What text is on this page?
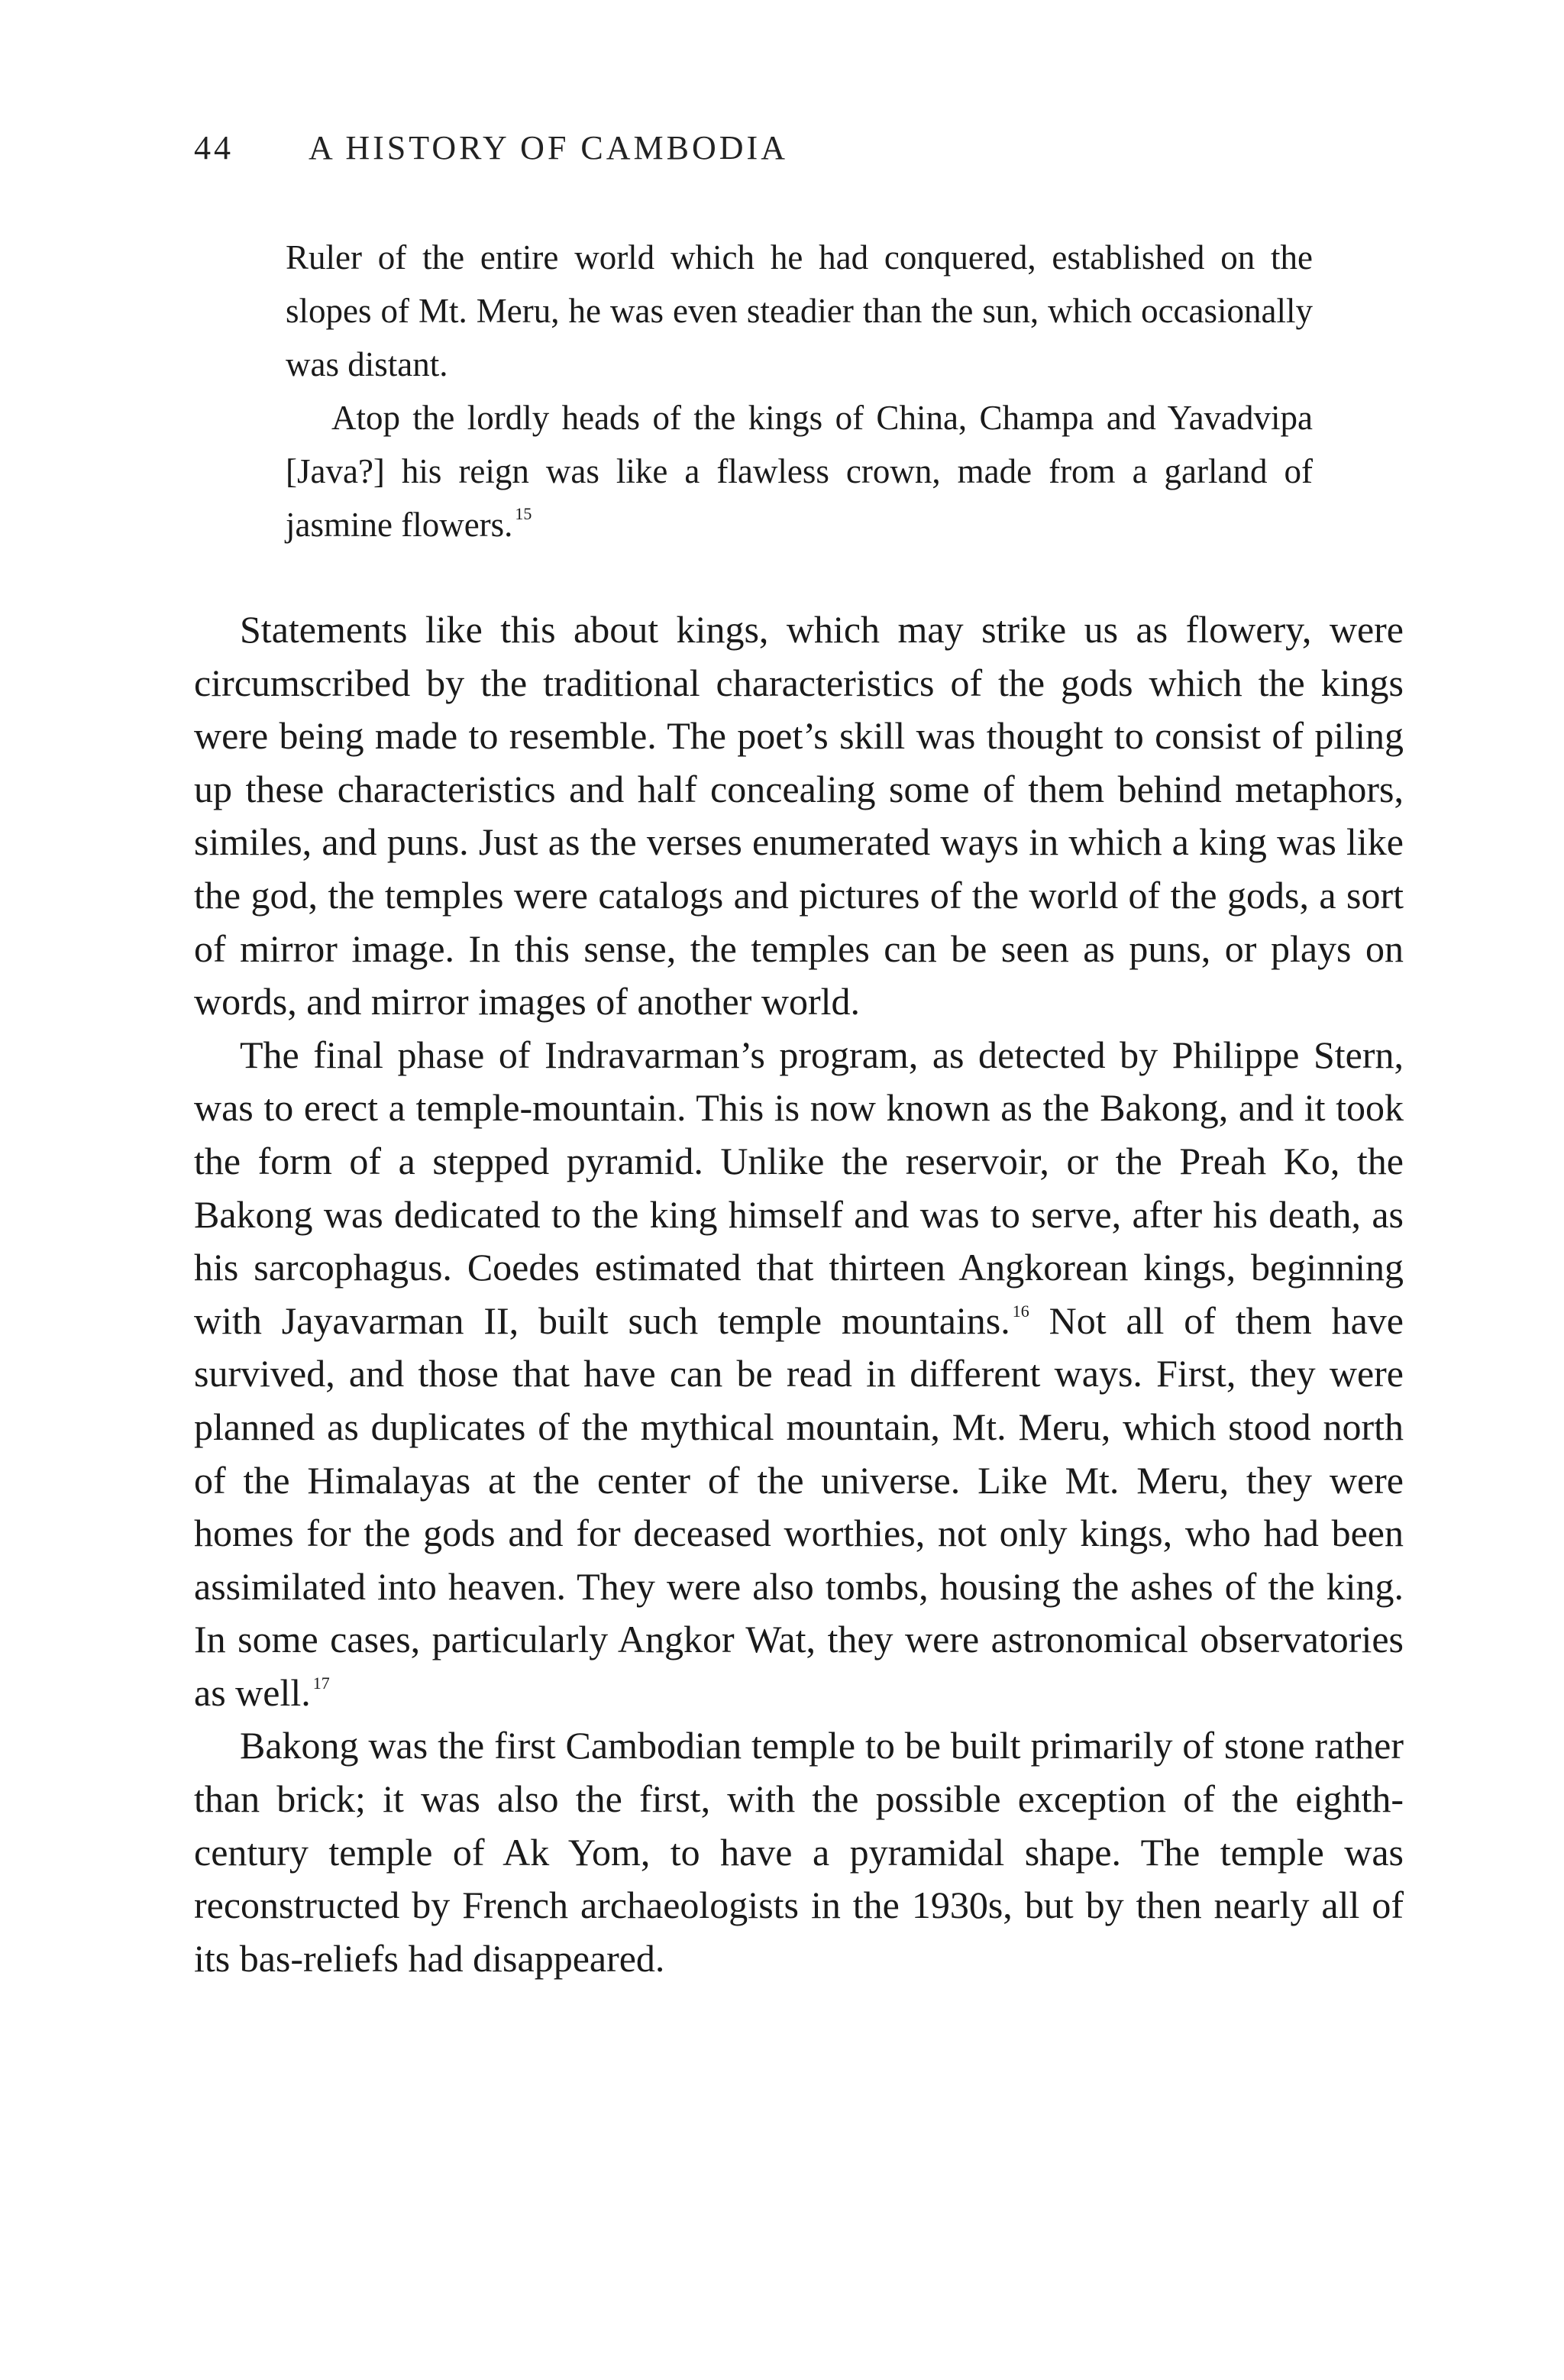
44 A HISTORY OF CAMBODIA

Ruler of the entire world which he had conquered, established on the slopes of Mt. Meru, he was even steadier than the sun, which occasionally was distant.

Atop the lordly heads of the kings of China, Champa and Yavadvipa [Java?] his reign was like a flawless crown, made from a garland of jasmine flowers. $^{15}$

Statements like this about kings, which may strike us as flowery, were circumscribed by the traditional characteristics of the gods which the kings were being made to resemble. The poet’s skill was thought to consist of piling up these characteristics and half concealing some of them behind metaphors, similes, and puns. Just as the verses enumerated ways in which a king was like the god, the temples were catalogs and pictures of the world of the gods, a sort of mirror image. In this sense, the temples can be seen as puns, or plays on words, and mirror images of another world.

The final phase of Indravarman’s program, as detected by Philippe Stern, was to erect a temple-mountain. This is now known as the Bakong, and it took the form of a stepped pyramid. Unlike the reservoir, or the Preah Ko, the Bakong was dedicated to the king himself and was to serve, after his death, as his sarcophagus. Coedes estimated that thirteen Angkorean kings, beginning with Jayavarman II, built such temple mountains. $^{16}$ Not all of them have survived, and those that have can be read in different ways. First, they were planned as duplicates of the mythical mountain, Mt. Meru, which stood north of the Himalayas at the center of the universe. Like Mt. Meru, they were homes for the gods and for deceased worthies, not only kings, who had been assimilated into heaven. They were also tombs, housing the ashes of the king. In some cases, particularly Angkor Wat, they were astronomical observatories as well. $^{17}$

Bakong was the first Cambodian temple to be built primarily of stone rather than brick; it was also the first, with the possible exception of the eighth-century temple of Ak Yom, to have a pyramidal shape. The temple was reconstructed by French archaeologists in the 1930s, but by then nearly all of its bas-reliefs had disappeared.
